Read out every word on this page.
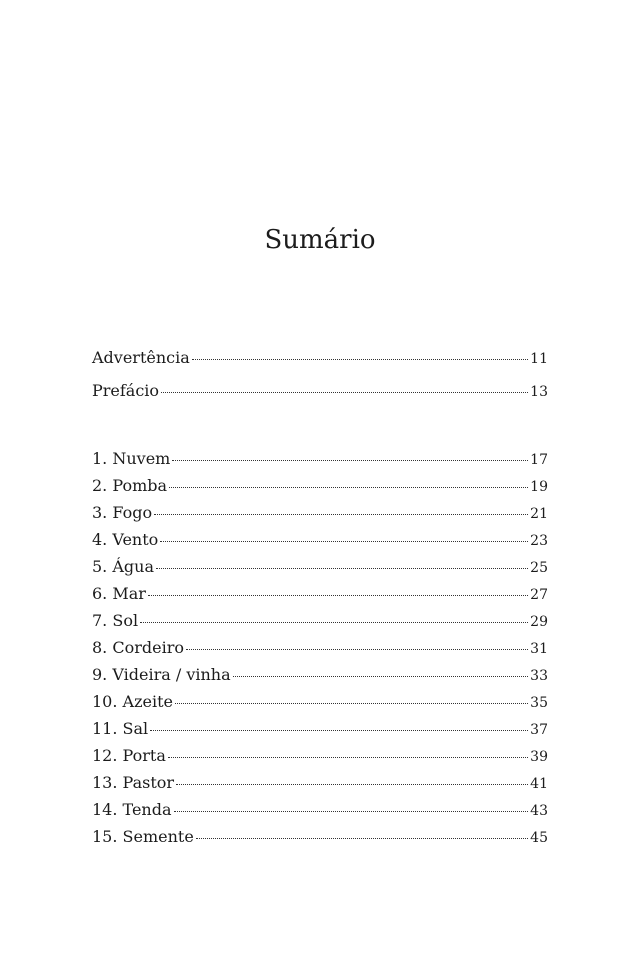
Sumário
Advertência	11
Prefácio	13
1. Nuvem	17
2. Pomba	19
3. Fogo	21
4. Vento	23
5. Água	25
6. Mar	27
7. Sol	29
8. Cordeiro	31
9. Videira / vinha	33
10. Azeite	35
11. Sal	37
12. Porta	39
13. Pastor	41
14. Tenda	43
15. Semente	45
